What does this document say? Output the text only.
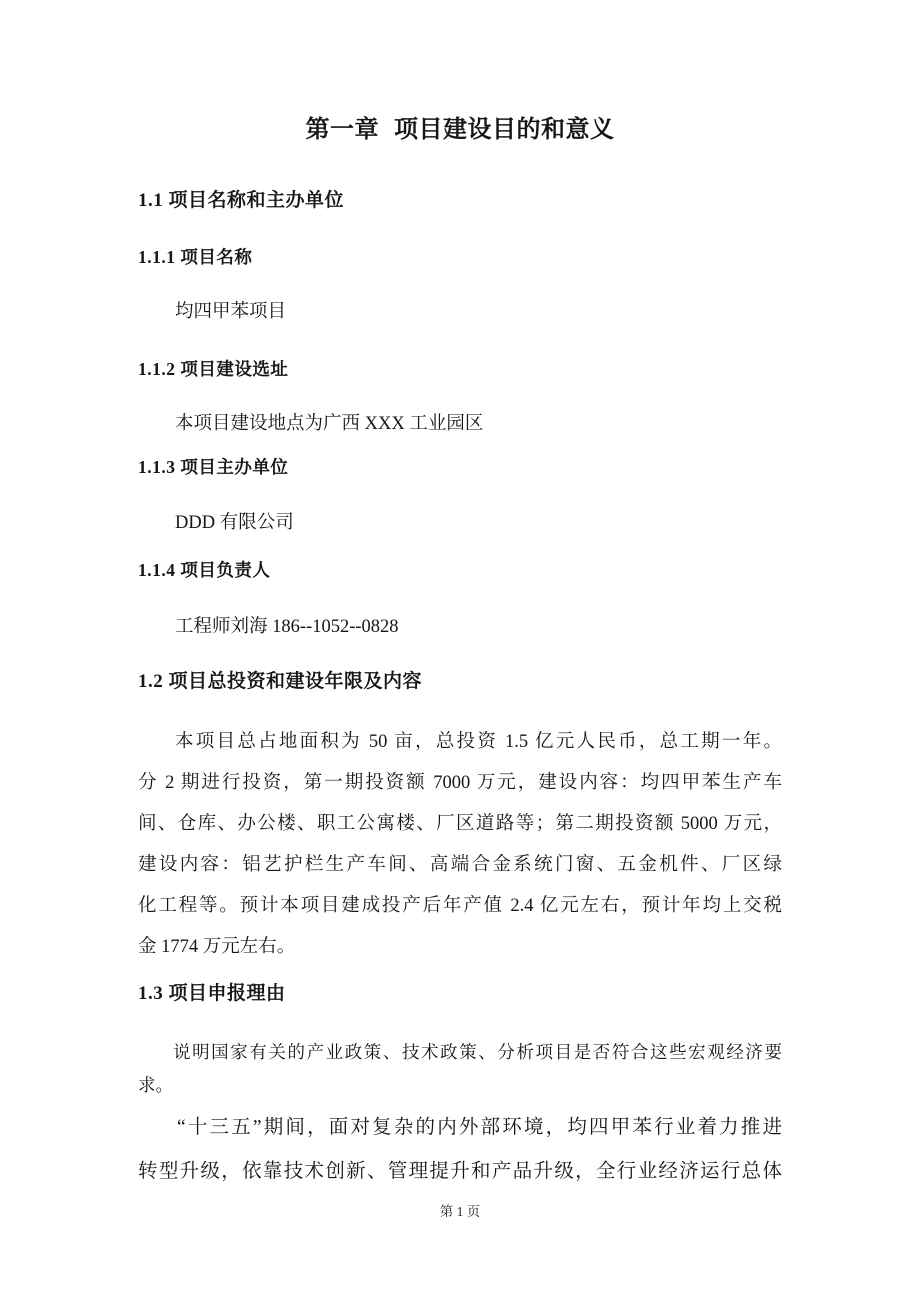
第一章 项目建设目的和意义
1.1 项目名称和主办单位
1.1.1 项目名称
均四甲苯项目
1.1.2 项目建设选址
本项目建设地点为广西 XXX 工业园区
1.1.3 项目主办单位
DDD 有限公司
1.1.4 项目负责人
工程师刘海 186--1052--0828
1.2 项目总投资和建设年限及内容
本项目总占地面积为 50 亩，总投资 1.5 亿元人民币，总工期一年。
分 2 期进行投资，第一期投资额 7000 万元，建设内容：均四甲苯生产车
间、仓库、办公楼、职工公寓楼、厂区道路等；第二期投资额 5000 万元，
建设内容：铝艺护栏生产车间、高端合金系统门窗、五金机件、厂区绿
化工程等。预计本项目建成投产后年产值 2.4 亿元左右，预计年均上交税
金 1774 万元左右。
1.3 项目申报理由
说明国家有关的产业政策、技术政策、分析项目是否符合这些宏观经济要
求。
“十三五”期间，面对复杂的内外部环境，均四甲苯行业着力推进
转型升级，依靠技术创新、管理提升和产品升级，全行业经济运行总体
第 1 页
